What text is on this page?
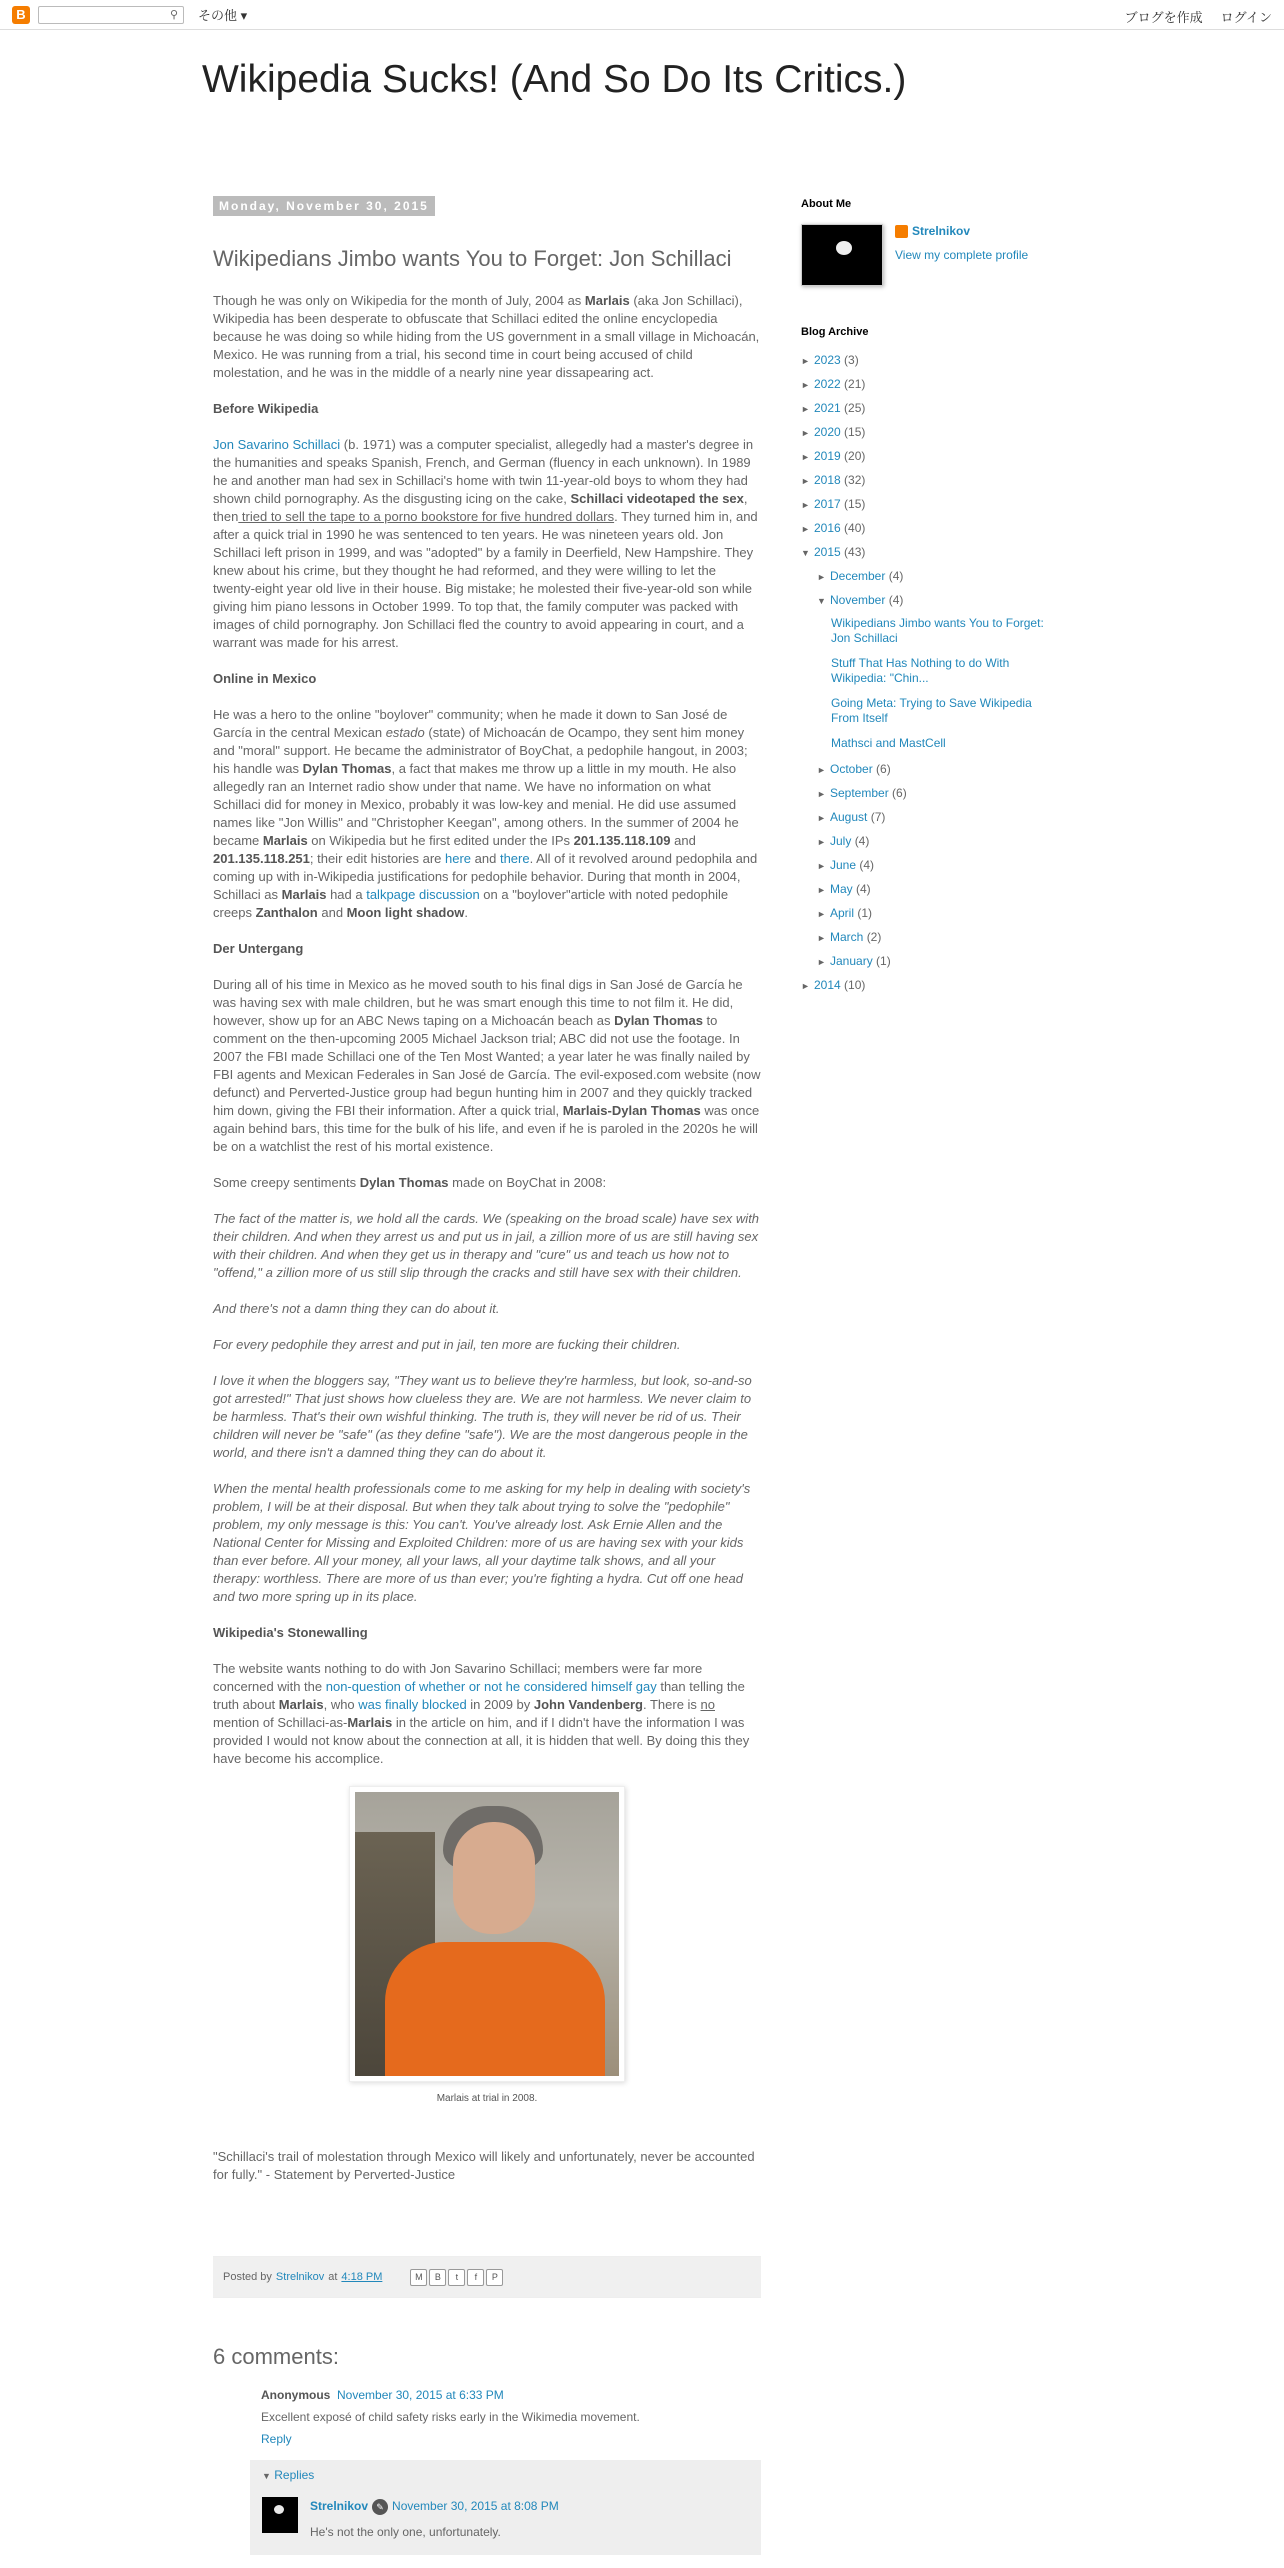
B	⚲ その他 ▾	ブログを作成 ログイン
Wikipedia Sucks! (And So Do Its Critics.)
Monday, November 30, 2015
Wikipedians Jimbo wants You to Forget: Jon Schillaci

Though he was only on Wikipedia for the month of July, 2004 as Marlais (aka Jon Schillaci), Wikipedia has been desperate to obfuscate that Schillaci edited the online encyclopedia because he was doing so while hiding from the US government in a small village in Michoacán, Mexico. He was running from a trial, his second time in court being accused of child molestation, and he was in the middle of a nearly nine year dissapearing act.

Before Wikipedia

Jon Savarino Schillaci (b. 1971) was a computer specialist, allegedly had a master's degree in the humanities and speaks Spanish, French, and German (fluency in each unknown). In 1989 he and another man had sex in Schillaci's home with twin 11-year-old boys to whom they had shown child pornography. As the disgusting icing on the cake, Schillaci videotaped the sex, then tried to sell the tape to a porno bookstore for five hundred dollars. They turned him in, and after a quick trial in 1990 he was sentenced to ten years. He was nineteen years old. Jon Schillaci left prison in 1999, and was "adopted" by a family in Deerfield, New Hampshire. They knew about his crime, but they thought he had reformed, and they were willing to let the twenty-eight year old live in their house. Big mistake; he molested their five-year-old son while giving him piano lessons in October 1999. To top that, the family computer was packed with images of child pornography. Jon Schillaci fled the country to avoid appearing in court, and a warrant was made for his arrest.

Online in Mexico

He was a hero to the online "boylover" community; when he made it down to San José de García in the central Mexican estado (state) of Michoacán de Ocampo, they sent him money and "moral" support. He became the administrator of BoyChat, a pedophile hangout, in 2003; his handle was Dylan Thomas, a fact that makes me throw up a little in my mouth. He also allegedly ran an Internet radio show under that name. We have no information on what Schillaci did for money in Mexico, probably it was low-key and menial. He did use assumed names like "Jon Willis" and "Christopher Keegan", among others. In the summer of 2004 he became Marlais on Wikipedia but he first edited under the IPs 201.135.118.109 and 201.135.118.251; their edit histories are here and there. All of it revolved around pedophila and coming up with in-Wikipedia justifications for pedophile behavior. During that month in 2004, Schillaci as Marlais had a talkpage discussion on a "boylover"article with noted pedophile creeps Zanthalon and Moon light shadow.

Der Untergang

During all of his time in Mexico as he moved south to his final digs in San José de García he was having sex with male children, but he was smart enough this time to not film it. He did, however, show up for an ABC News taping on a Michoacán beach as Dylan Thomas to comment on the then-upcoming 2005 Michael Jackson trial; ABC did not use the footage. In 2007 the FBI made Schillaci one of the Ten Most Wanted; a year later he was finally nailed by FBI agents and Mexican Federales in San José de García. The evil-exposed.com website (now defunct) and Perverted-Justice group had begun hunting him in 2007 and they quickly tracked him down, giving the FBI their information. After a quick trial, Marlais-Dylan Thomas was once again behind bars, this time for the bulk of his life, and even if he is paroled in the 2020s he will be on a watchlist the rest of his mortal existence.

Some creepy sentiments Dylan Thomas made on BoyChat in 2008:

The fact of the matter is, we hold all the cards. We (speaking on the broad scale) have sex with their children. And when they arrest us and put us in jail, a zillion more of us are still having sex with their children. And when they get us in therapy and "cure" us and teach us how not to "offend," a zillion more of us still slip through the cracks and still have sex with their children.

And there's not a damn thing they can do about it.

For every pedophile they arrest and put in jail, ten more are fucking their children.

I love it when the bloggers say, "They want us to believe they're harmless, but look, so-and-so got arrested!" That just shows how clueless they are. We are not harmless. We never claim to be harmless. That's their own wishful thinking. The truth is, they will never be rid of us. Their children will never be "safe" (as they define "safe"). We are the most dangerous people in the world, and there isn't a damned thing they can do about it.

When the mental health professionals come to me asking for my help in dealing with society's problem, I will be at their disposal. But when they talk about trying to solve the "pedophile" problem, my only message is this: You can't. You've already lost. Ask Ernie Allen and the National Center for Missing and Exploited Children: more of us are having sex with your kids than ever before. All your money, all your laws, all your daytime talk shows, and all your therapy: worthless. There are more of us than ever; you're fighting a hydra. Cut off one head and two more spring up in its place.

Wikipedia's Stonewalling

The website wants nothing to do with Jon Savarino Schillaci; members were far more concerned with the non-question of whether or not he considered himself gay than telling the truth about Marlais, who was finally blocked in 2009 by John Vandenberg. There is no mention of Schillaci-as-Marlais in the article on him, and if I didn't have the information I was provided I would not know about the connection at all, it is hidden that well. By doing this they have become his accomplice.

Marlais at trial in 2008.

"Schillaci's trail of molestation through Mexico will likely and unfortunately, never be accounted for fully." - Statement by Perverted-Justice

Posted by Strelnikov at 4:18 PM	M	B	t	f	P
6 comments:
Anonymous November 30, 2015 at 6:33 PM

Excellent exposé of child safety risks early in the Wikimedia movement.

Reply
▼ Replies
Strelnikov ✎ November 30, 2015 at 8:08 PM
He's not the only one, unfortunately.
About Me
Strelnikov
View my complete profile
Blog Archive
► 2023 (3)
► 2022 (21)
► 2021 (25)
► 2020 (15)
► 2019 (20)
► 2018 (32)
► 2017 (15)
► 2016 (40)
▼ 2015 (43)
► December (4)
▼ November (4)
Wikipedians Jimbo wants You to Forget: Jon Schillaci
Stuff That Has Nothing to do With Wikipedia: "Chin...
Going Meta: Trying to Save Wikipedia From Itself
Mathsci and MastCell
► October (6)
► September (6)
► August (7)
► July (4)
► June (4)
► May (4)
► April (1)
► March (2)
► January (1)
► 2014 (10)
